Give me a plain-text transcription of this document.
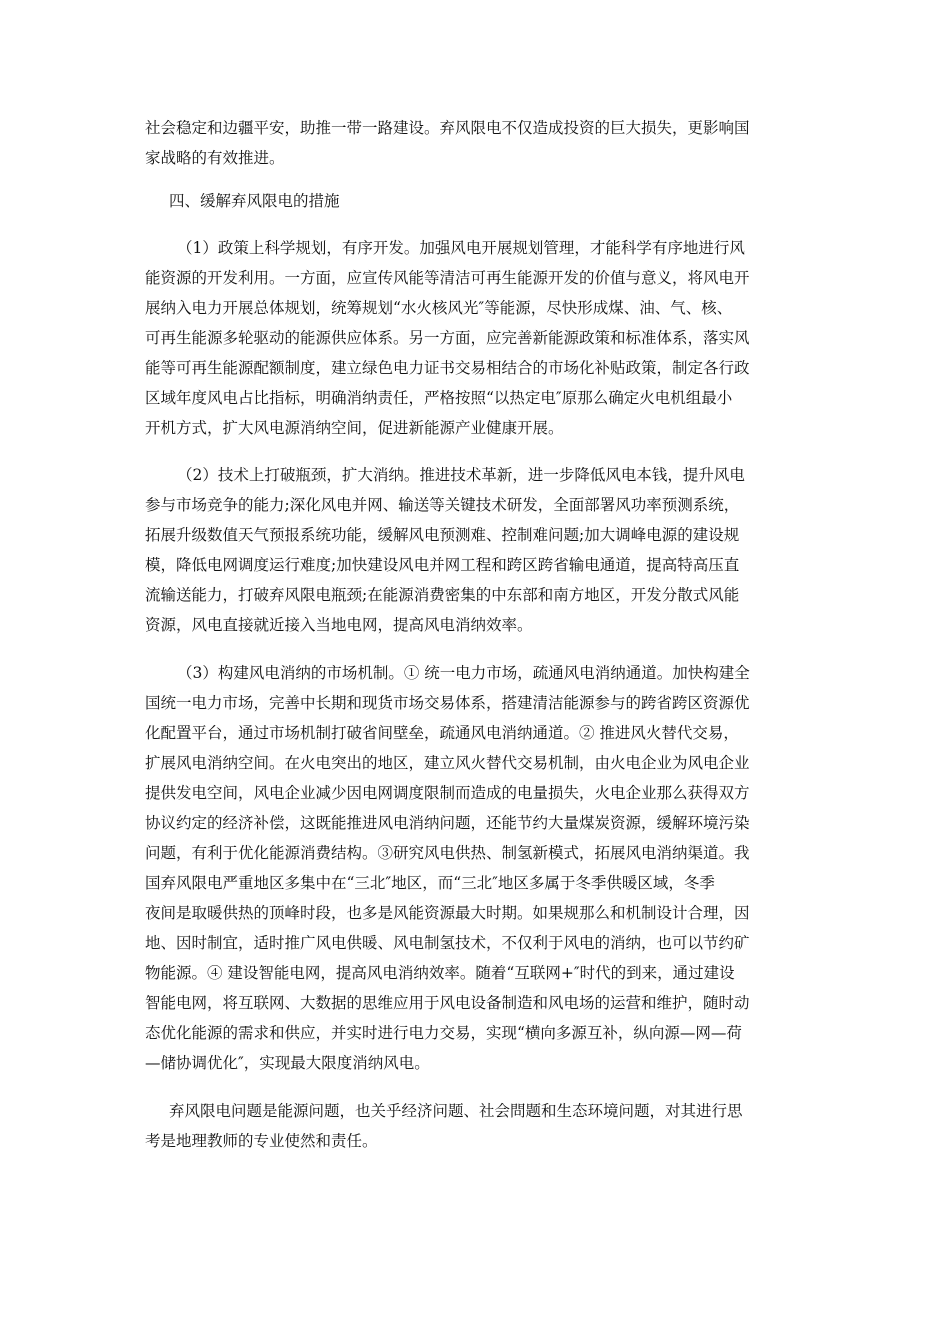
社会稳定和边疆平安，助推一带一路建设。弃风限电不仅造成投资的巨大损失，更影响国
家战略的有效推进。
四、缓解弃风限电的措施
（1）政策上科学规划，有序开发。加强风电开展规划管理，才能科学有序地进行风
能资源的开发利用。一方面，应宣传风能等清洁可再生能源开发的价值与意义，将风电开
展纳入电力开展总体规划，统筹规划“水火核风光″等能源，尽快形成煤、油、气、核、
可再生能源多轮驱动的能源供应体系。另一方面，应完善新能源政策和标准体系，落实风
能等可再生能源配额制度，建立绿色电力证书交易相结合的市场化补贴政策，制定各行政
区域年度风电占比指标，明确消纳责任，严格按照“以热定电″原那么确定火电机组最小
开机方式，扩大风电源消纳空间，促进新能源产业健康开展。
（2）技术上打破瓶颈，扩大消纳。推进技术革新，进一步降低风电本钱，提升风电
参与市场竞争的能力;深化风电并网、输送等关键技术研发，全面部署风功率预测系统，
拓展升级数值天气预报系统功能，缓解风电预测难、控制难问题;加大调峰电源的建设规
模，降低电网调度运行难度;加快建设风电并网工程和跨区跨省输电通道，提高特高压直
流输送能力，打破弃风限电瓶颈;在能源消费密集的中东部和南方地区，开发分散式风能
资源，风电直接就近接入当地电网，提高风电消纳效率。
（3）构建风电消纳的市场机制。① 统一电力市场，疏通风电消纳通道。加快构建全
国统一电力市场，完善中长期和现货市场交易体系，搭建清洁能源参与的跨省跨区资源优
化配置平台，通过市场机制打破省间壁垒，疏通风电消纳通道。② 推进风火替代交易，
扩展风电消纳空间。在火电突出的地区，建立风火替代交易机制，由火电企业为风电企业
提供发电空间，风电企业减少因电网调度限制而造成的电量损失，火电企业那么获得双方
协议约定的经济补偿，这既能推进风电消纳问题，还能节约大量煤炭资源，缓解环境污染
问题，有利于优化能源消费结构。③研究风电供热、制氢新模式，拓展风电消纳渠道。我
国弃风限电严重地区多集中在“三北″地区，而“三北″地区多属于冬季供暖区域，冬季
夜间是取暖供热的顶峰时段，也多是风能资源最大时期。如果规那么和机制设计合理，因
地、因时制宜，适时推广风电供暖、风电制氢技术，不仅利于风电的消纳，也可以节约矿
物能源。④ 建设智能电网，提高风电消纳效率。随着“互联网+″时代的到来，通过建设
智能电网，将互联网、大数据的思维应用于风电设备制造和风电场的运营和维护，随时动
态优化能源的需求和供应，并实时进行电力交易，实现“横向多源互补，纵向源—网—荷
—储协调优化″，实现最大限度消纳风电。
弃风限电问题是能源问题，也关乎经济问题、社会問题和生态环境问题，对其进行思
考是地理教师的专业使然和责任。
